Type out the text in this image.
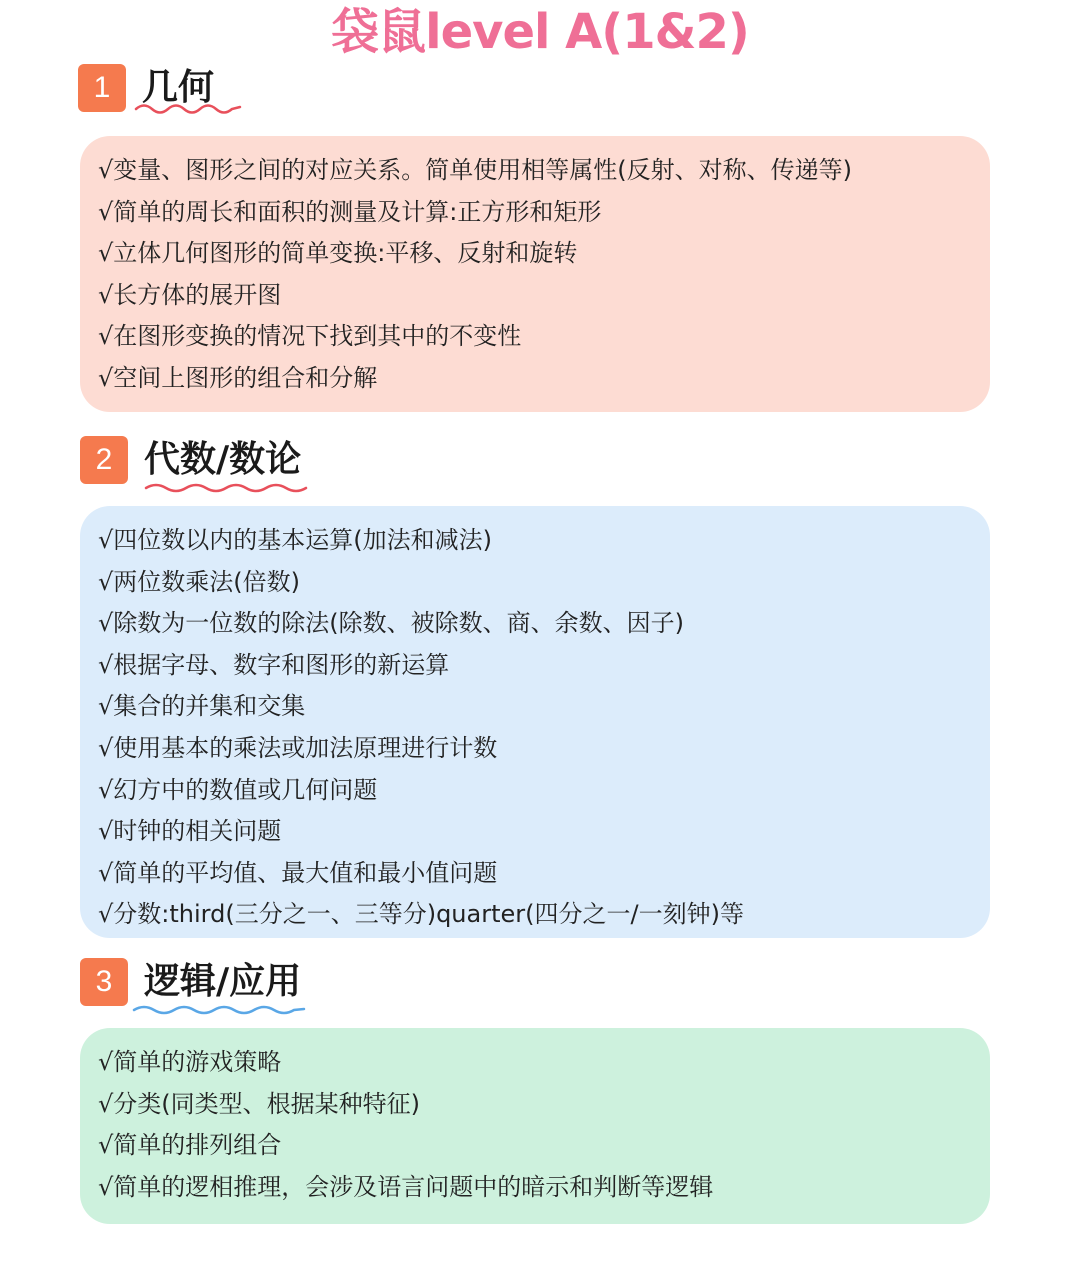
袋鼠level A(1&2)
1 几何
√变量、图形之间的对应关系。简单使用相等属性(反射、对称、传递等)
√简单的周长和面积的测量及计算:正方形和矩形
√立体几何图形的简单变换:平移、反射和旋转
√长方体的展开图
√在图形变换的情况下找到其中的不变性
√空间上图形的组合和分解
2 代数/数论
√四位数以内的基本运算(加法和减法)
√两位数乘法(倍数)
√除数为一位数的除法(除数、被除数、商、余数、因子)
√根据字母、数字和图形的新运算
√集合的并集和交集
√使用基本的乘法或加法原理进行计数
√幻方中的数值或几何问题
√时钟的相关问题
√简单的平均值、最大值和最小值问题
√分数:third(三分之一、三等分)quarter(四分之一/一刻钟)等
3 逻辑/应用
√简单的游戏策略
√分类(同类型、根据某种特征)
√简单的排列组合
√简单的逻相推理，会涉及语言问题中的暗示和判断等逻辑
